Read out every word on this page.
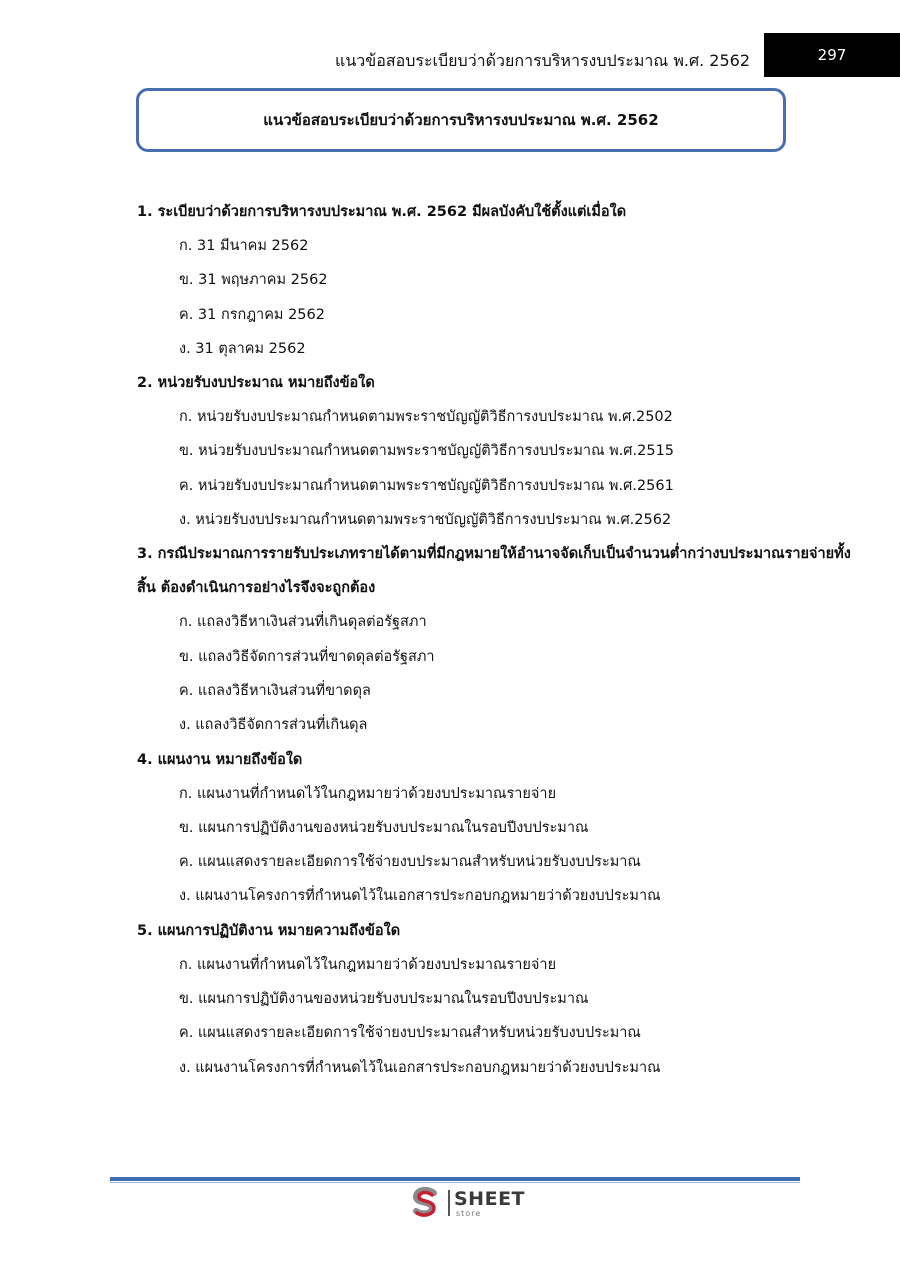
แนวข้อสอบระเบียบว่าด้วยการบริหารงบประมาณ พ.ศ. 2562	297
แนวข้อสอบระเบียบว่าด้วยการบริหารงบประมาณ พ.ศ. 2562
1. ระเบียบว่าด้วยการบริหารงบประมาณ พ.ศ. 2562 มีผลบังคับใช้ตั้งแต่เมื่อใด
ก. 31 มีนาคม 2562
ข. 31 พฤษภาคม 2562
ค. 31 กรกฎาคม 2562
ง. 31 ตุลาคม 2562
2. หน่วยรับงบประมาณ หมายถึงข้อใด
ก. หน่วยรับงบประมาณกำหนดตามพระราชบัญญัติวิธีการงบประมาณ พ.ศ.2502
ข. หน่วยรับงบประมาณกำหนดตามพระราชบัญญัติวิธีการงบประมาณ พ.ศ.2515
ค. หน่วยรับงบประมาณกำหนดตามพระราชบัญญัติวิธีการงบประมาณ พ.ศ.2561
ง. หน่วยรับงบประมาณกำหนดตามพระราชบัญญัติวิธีการงบประมาณ พ.ศ.2562
3. กรณีประมาณการรายรับประเภทรายได้ตามที่มีกฎหมายให้อำนาจจัดเก็บเป็นจำนวนต่ำกว่างบประมาณรายจ่ายทั้งสิ้น ต้องดำเนินการอย่างไรจึงจะถูกต้อง
ก. แถลงวิธีหาเงินส่วนที่เกินดุลต่อรัฐสภา
ข. แถลงวิธีจัดการส่วนที่ขาดดุลต่อรัฐสภา
ค. แถลงวิธีหาเงินส่วนที่ขาดดุล
ง. แถลงวิธีจัดการส่วนที่เกินดุล
4. แผนงาน หมายถึงข้อใด
ก. แผนงานที่กำหนดไว้ในกฎหมายว่าด้วยงบประมาณรายจ่าย
ข. แผนการปฏิบัติงานของหน่วยรับงบประมาณในรอบปีงบประมาณ
ค. แผนแสดงรายละเอียดการใช้จ่ายงบประมาณสำหรับหน่วยรับงบประมาณ
ง. แผนงานโครงการที่กำหนดไว้ในเอกสารประกอบกฎหมายว่าด้วยงบประมาณ
5. แผนการปฏิบัติงาน หมายความถึงข้อใด
ก. แผนงานที่กำหนดไว้ในกฎหมายว่าด้วยงบประมาณรายจ่าย
ข. แผนการปฏิบัติงานของหน่วยรับงบประมาณในรอบปีงบประมาณ
ค. แผนแสดงรายละเอียดการใช้จ่ายงบประมาณสำหรับหน่วยรับงบประมาณ
ง. แผนงานโครงการที่กำหนดไว้ในเอกสารประกอบกฎหมายว่าด้วยงบประมาณ
SHEET
store
